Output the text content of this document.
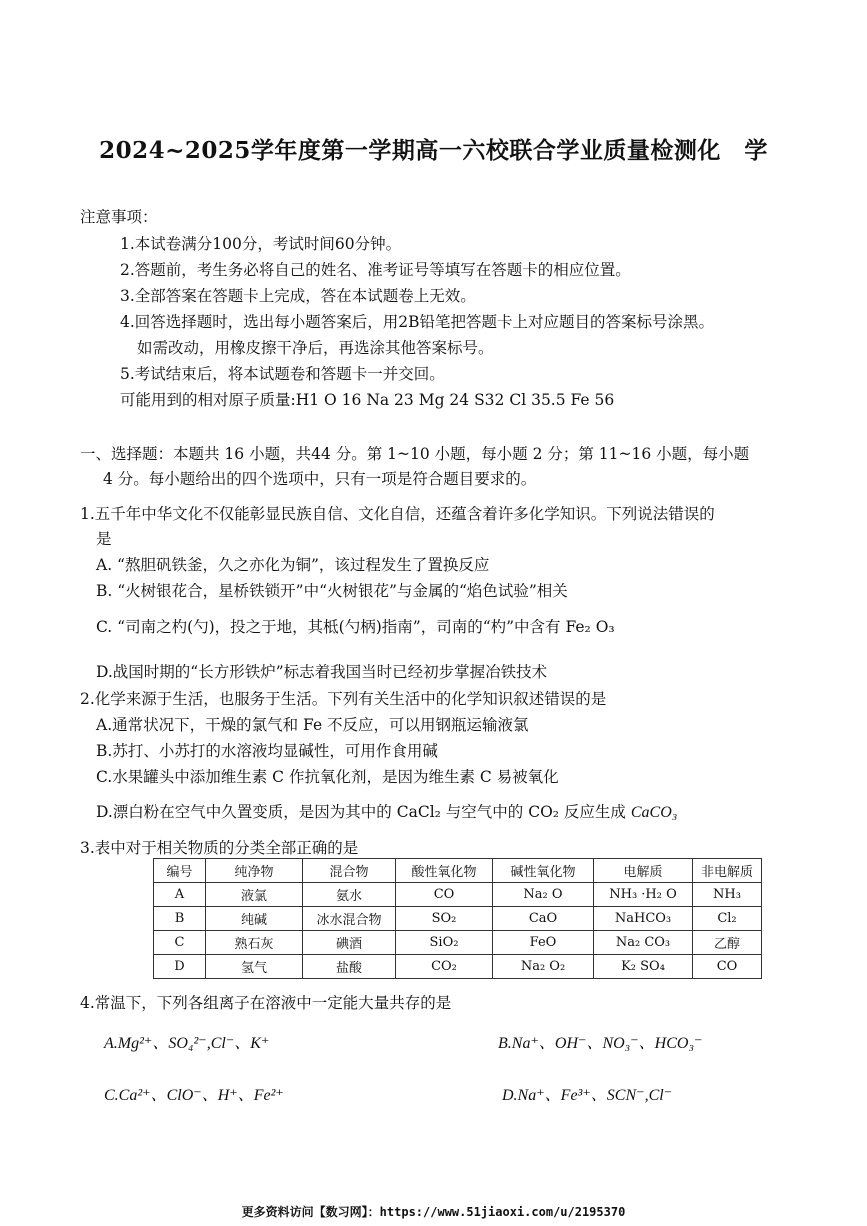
2024~2025学年度第一学期高一六校联合学业质量检测化　学
注意事项：
1.本试卷满分100分，考试时间60分钟。
2.答题前，考生务必将自己的姓名、准考证号等填写在答题卡的相应位置。
3.全部答案在答题卡上完成，答在本试题卷上无效。
4.回答选择题时，选出每小题答案后，用2B铅笔把答题卡上对应题目的答案标号涂黑。
如需改动，用橡皮擦干净后，再选涂其他答案标号。
5.考试结束后，将本试题卷和答题卡一并交回。
可能用到的相对原子质量:H1 O 16 Na 23 Mg 24 S32 Cl 35.5 Fe 56
一、选择题：本题共 16 小题，共44 分。第 1~10 小题，每小题 2 分；第 11~16 小题，每小题
4 分。每小题给出的四个选项中，只有一项是符合题目要求的。
1.五千年中华文化不仅能彰显民族自信、文化自信，还蕴含着许多化学知识。下列说法错误的
是
A. “熬胆矾铁釜，久之亦化为铜”，该过程发生了置换反应
B. “火树银花合，星桥铁锁开”中“火树银花”与金属的“焰色试验”相关
C. “司南之杓(勺)，投之于地，其柢(勺柄)指南”，司南的“杓”中含有 Fe₂ O₃
D.战国时期的“长方形铁炉”标志着我国当时已经初步掌握冶铁技术
2.化学来源于生活，也服务于生活。下列有关生活中的化学知识叙述错误的是
A.通常状况下，干燥的氯气和 Fe 不反应，可以用钢瓶运输液氯
B.苏打、小苏打的水溶液均显碱性，可用作食用碱
C.水果罐头中添加维生素 C 作抗氧化剂，是因为维生素 C 易被氧化
D.漂白粉在空气中久置变质，是因为其中的 CaCl₂ 与空气中的 CO₂ 反应生成 CaCO₃
3.表中对于相关物质的分类全部正确的是
编号	纯净物	混合物	酸性氧化物	碱性氧化物	电解质	非电解质
A	液氯	氨水	CO	Na₂ O	NH₃ ·H₂ O	NH₃
B	纯碱	冰水混合物	SO₂	CaO	NaHCO₃	Cl₂
C	熟石灰	碘酒	SiO₂	FeO	Na₂ CO₃	乙醇
D	氢气	盐酸	CO₂	Na₂ O₂	K₂ SO₄	CO
4.常温下，下列各组离子在溶液中一定能大量共存的是
A.Mg²⁺、SO₄²⁻,Cl⁻、K⁺	B.Na⁺、OH⁻、NO₃⁻、HCO₃⁻
C.Ca²⁺、ClO⁻、H⁺、Fe²⁺	D.Na⁺、Fe³⁺、SCN⁻,Cl⁻
更多资料访问【数习网】：https://www.51jiaoxi.com/u/2195370
